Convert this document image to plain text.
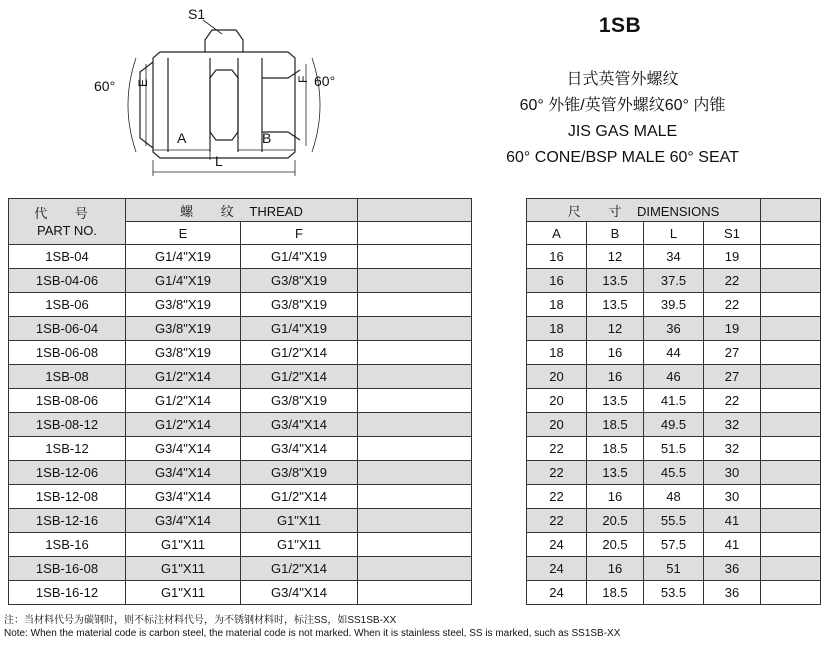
S1
60°	60°
E	F
A	B
L
1SB
日式英管外螺纹
60° 外锥/英管外螺纹60° 内锥
JIS GAS MALE
60° CONE/BSP MALE 60° SEAT
代 号
PART NO.	螺 纹 THREAD				尺 寸 DIMENSIONS				
	E	F			A	B	L	S1	
1SB-04	G1/4"X19	G1/4"X19			16	12	34	19	
1SB-04-06	G1/4"X19	G3/8"X19			16	13.5	37.5	22	
1SB-06	G3/8"X19	G3/8"X19			18	13.5	39.5	22	
1SB-06-04	G3/8"X19	G1/4"X19			18	12	36	19	
1SB-06-08	G3/8"X19	G1/2"X14			18	16	44	27	
1SB-08	G1/2"X14	G1/2"X14			20	16	46	27	
1SB-08-06	G1/2"X14	G3/8"X19			20	13.5	41.5	22	
1SB-08-12	G1/2"X14	G3/4"X14			20	18.5	49.5	32	
1SB-12	G3/4"X14	G3/4"X14			22	18.5	51.5	32	
1SB-12-06	G3/4"X14	G3/8"X19			22	13.5	45.5	30	
1SB-12-08	G3/4"X14	G1/2"X14			22	16	48	30	
1SB-12-16	G3/4"X14	G1"X11			22	20.5	55.5	41	
1SB-16	G1"X11	G1"X11			24	20.5	57.5	41	
1SB-16-08	G1"X11	G1/2"X14			24	16	51	36	
1SB-16-12	G1"X11	G3/4"X14			24	18.5	53.5	36	
注：当材料代号为碳钢时，则不标注材料代号，为不锈钢材料时，标注SS，如SS1SB-XX
Note: When the material code is carbon steel, the material code is not marked. When it is stainless steel, SS is marked, such as SS1SB-XX
